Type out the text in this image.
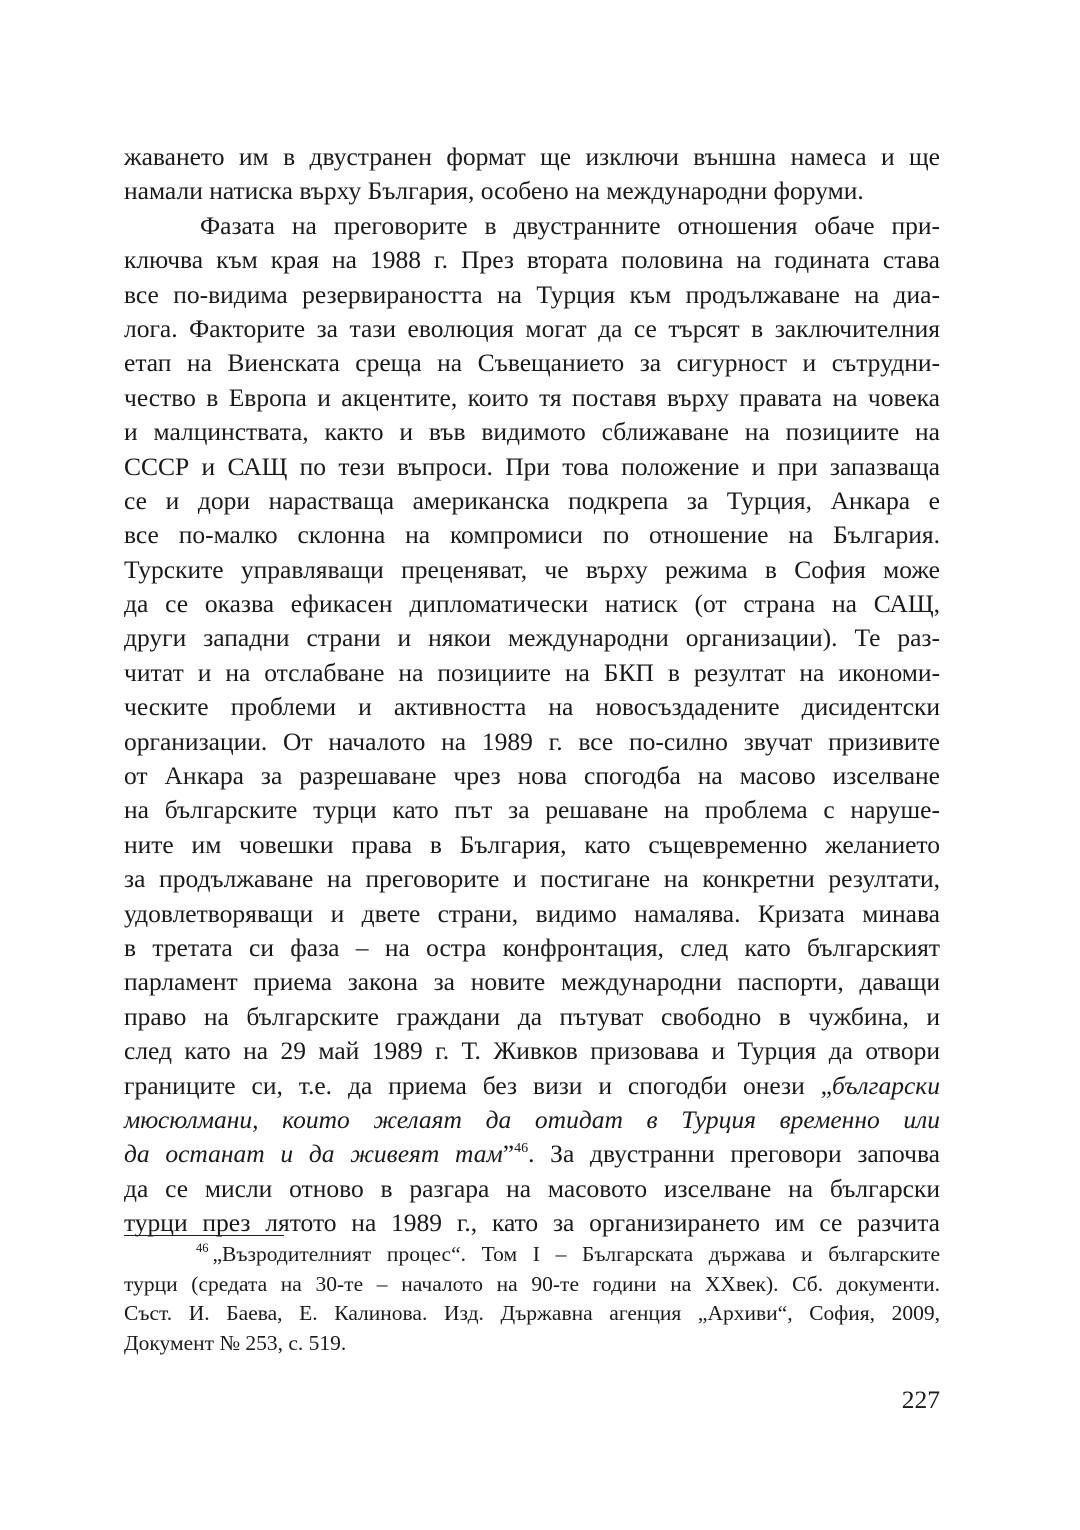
жаването им в двустранен формат ще изключи външна намеса и ще
намали натиска върху България, особено на международни форуми.
Фазата на преговорите в двустранните отношения обаче при-
ключва към края на 1988 г. През втората половина на годината става
все по-видима резервираността на Турция към продължаване на диа-
лога. Факторите за тази еволюция могат да се търсят в заключителния
етап на Виенската среща на Съвещанието за сигурност и сътрудни-
чество в Европа и акцентите, които тя поставя върху правата на човека
и малцинствата, както и във видимото сближаване на позициите на
СССР и САЩ по тези въпроси. При това положение и при запазваща
се и дори нарастваща американска подкрепа за Турция, Анкара е
все по-малко склонна на компромиси по отношение на България.
Турските управляващи преценяват, че върху режима в София може
да се оказва ефикасен дипломатически натиск (от страна на САЩ,
други западни страни и някои международни организации). Те раз-
читат и на отслабване на позициите на БКП в резултат на икономи-
ческите проблеми и активността на новосъздадените дисидентски
организации. От началото на 1989 г. все по-силно звучат призивите
от Анкара за разрешаване чрез нова спогодба на масово изселване
на българските турци като път за решаване на проблема с наруше-
ните им човешки права в България, като същевременно желанието
за продължаване на преговорите и постигане на конкретни резултати,
удовлетворяващи и двете страни, видимо намалява. Кризата минава
в третата си фаза – на остра конфронтация, след като българският
парламент приема закона за новите международни паспорти, даващи
право на българските граждани да пътуват свободно в чужбина, и
след като на 29 май 1989 г. Т. Живков призовава и Турция да отвори
границите си, т.е. да приема без визи и спогодби онези „български
мюсюлмани, които желаят да отидат в Турция временно или
да останат и да живеят там”$^{46}$. За двустранни преговори започва
да се мисли отново в разгара на масовото изселване на български
турци през лятото на 1989 г., като за организирането им се разчита
$^{46}$ „Възродителният процес“. Том I – Българската държава и българските
турци (средата на 30-те – началото на 90-те години на XXвек). Сб. документи.
Съст. И. Баева, Е. Калинова. Изд. Държавна агенция „Архиви“, София, 2009,
Документ № 253, с. 519.
227
